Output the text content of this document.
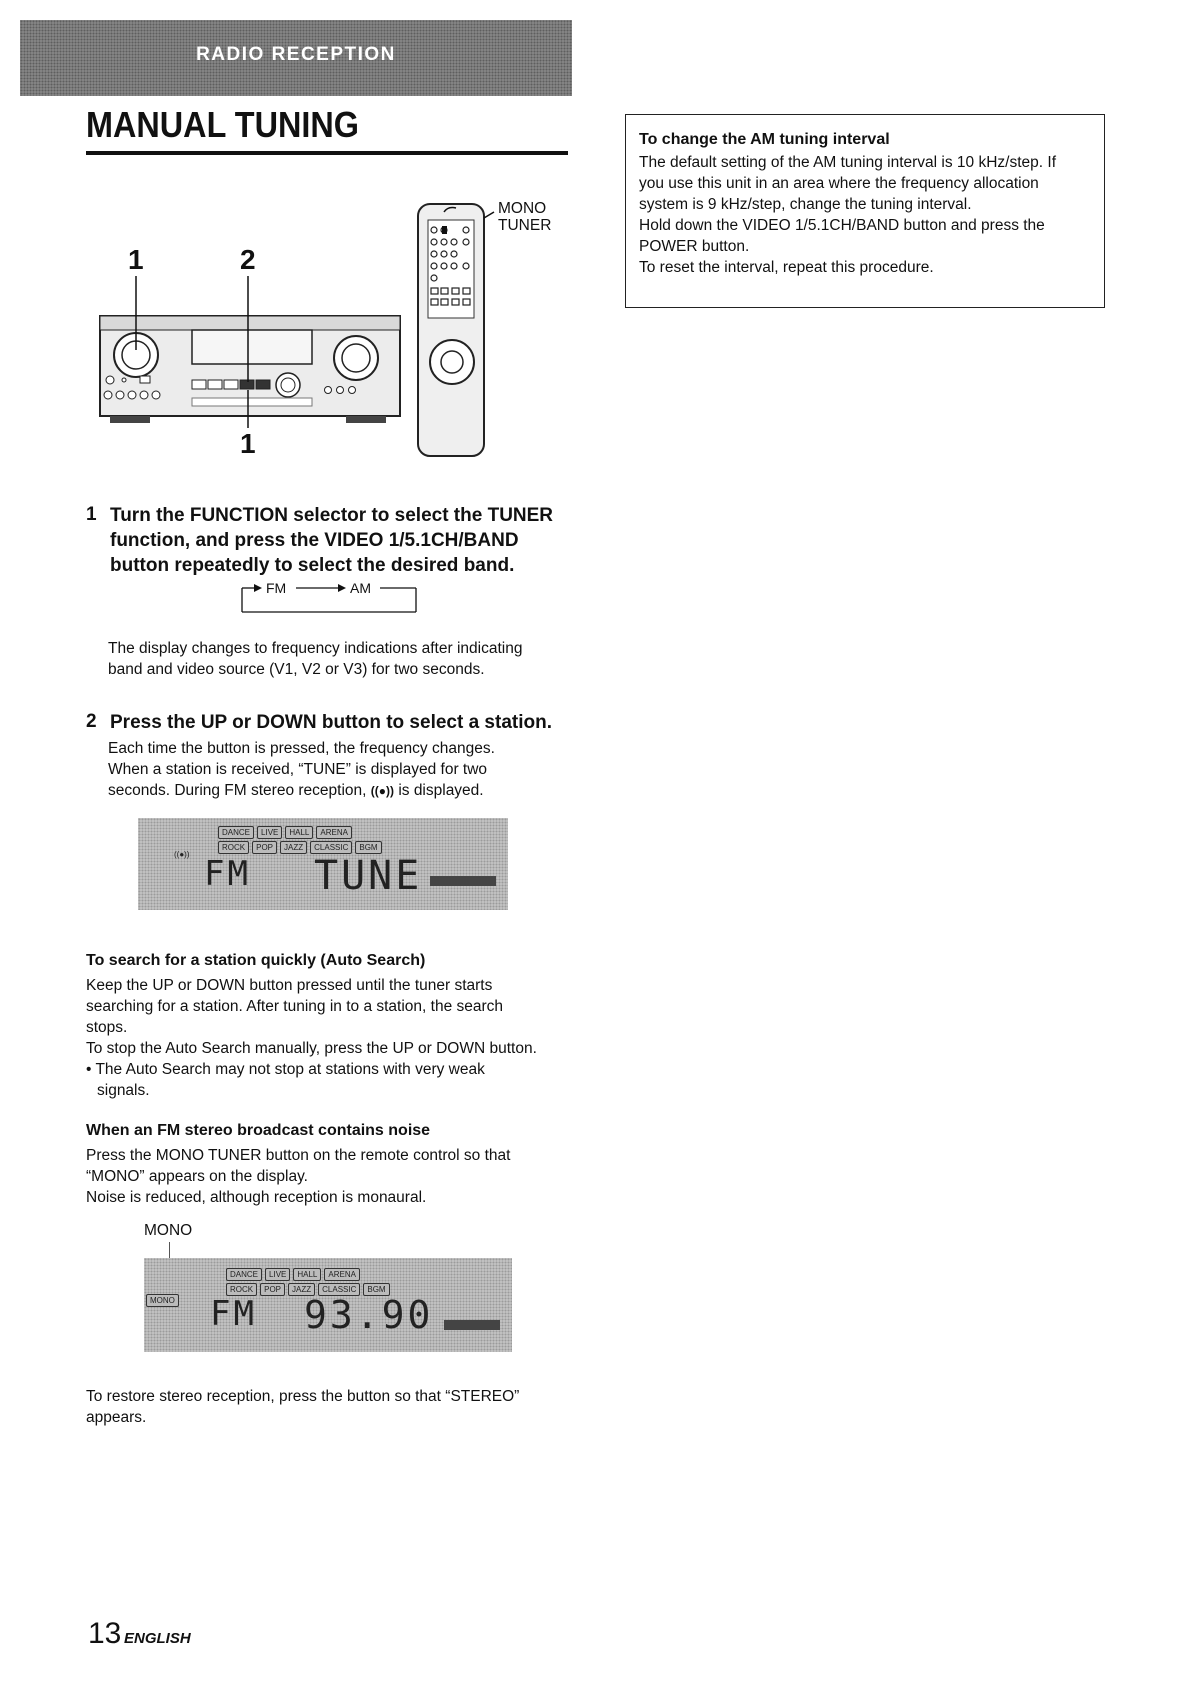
RADIO RECEPTION
MANUAL TUNING
1	2
1
MONO
TUNER
1 Turn the FUNCTION selector to select the TUNER
function, and press the VIDEO 1/5.1CH/BAND
button repeatedly to select the desired band.
FM	AM
The display changes to frequency indications after indicating
band and video source (V1, V2 or V3) for two seconds.
2 Press the UP or DOWN button to select a station.
Each time the button is pressed, the frequency changes.
When a station is received, “TUNE” is displayed for two
seconds. During FM stereo reception, ((●)) is displayed.
DANCE LIVE HALL ARENA
ROCK POP JAZZ CLASSIC BGM
((●)) FM TUNE
To search for a station quickly (Auto Search)
Keep the UP or DOWN button pressed until the tuner starts
searching for a station. After tuning in to a station, the search
stops.
To stop the Auto Search manually, press the UP or DOWN button.
• The Auto Search may not stop at stations with very weak
signals.
When an FM stereo broadcast contains noise
Press the MONO TUNER button on the remote control so that
“MONO” appears on the display.
Noise is reduced, although reception is monaural.
MONO
DANCE LIVE HALL ARENA
ROCK POP JAZZ CLASSIC BGM
MONO FM 93.90
To restore stereo reception, press the button so that “STEREO”
appears.
To change the AM tuning interval

The default setting of the AM tuning interval is 10 kHz/step. If

you use this unit in an area where the frequency allocation

system is 9 kHz/step, change the tuning interval.

Hold down the VIDEO 1/5.1CH/BAND button and press the

POWER button.

To reset the interval, repeat this procedure.

13 ENGLISH
